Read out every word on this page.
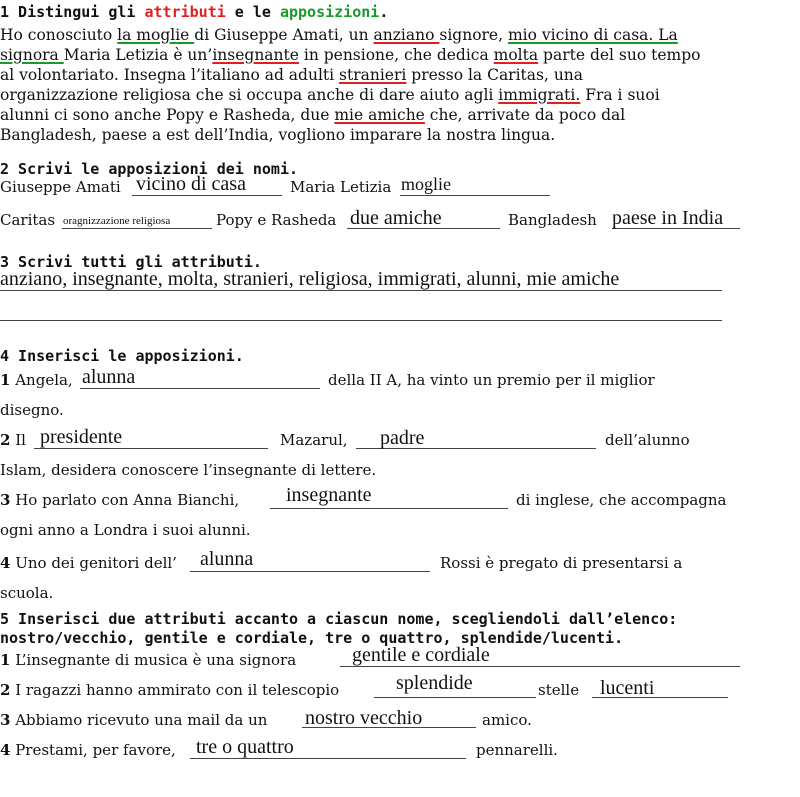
1 Distingui gli attributi e le apposizioni.
Ho conosciuto la moglie di Giuseppe Amati, un anziano signore, mio vicino di casa. La
signora Maria Letizia è un’insegnante in pensione, che dedica molta parte del suo tempo
al volontariato. Insegna l’italiano ad adulti stranieri presso la Caritas, una
organizzazione religiosa che si occupa anche di dare aiuto agli immigrati. Fra i suoi
alunni ci sono anche Popy e Rasheda, due mie amiche che, arrivate da poco dal
Bangladesh, paese a est dell’India, vogliono imparare la nostra lingua.
2 Scrivi le apposizioni dei nomi.
Giuseppe Amati vicino di casa	Maria Letizia moglie
Caritas oragnizzazione religiosa	Popy e Rasheda due amiche	Bangladesh paese in India
3 Scrivi tutti gli attributi.
anziano, insegnante, molta, stranieri, religiosa, immigrati, alunni, mie amiche
4 Inserisci le apposizioni.
1 Angela, alunna	della II A, ha vinto un premio per il miglior
disegno.
2 Il presidente	Mazarul, padre	dell’alunno
Islam, desidera conoscere l’insegnante di lettere.
3 Ho parlato con Anna Bianchi, insegnante	di inglese, che accompagna
ogni anno a Londra i suoi alunni.
4 Uno dei genitori dell’ alunna	Rossi è pregato di presentarsi a
scuola.
5 Inserisci due attributi accanto a ciascun nome, scegliendoli dall’elenco:
nostro/vecchio, gentile e cordiale, tre o quattro, splendide/lucenti.
1 L’insegnante di musica è una signora	gentile e cordiale
2 I ragazzi hanno ammirato con il telescopio	splendide	stelle lucenti
3 Abbiamo ricevuto una mail da un nostro vecchio	amico.
4 Prestami, per favore, tre o quattro	pennarelli.
